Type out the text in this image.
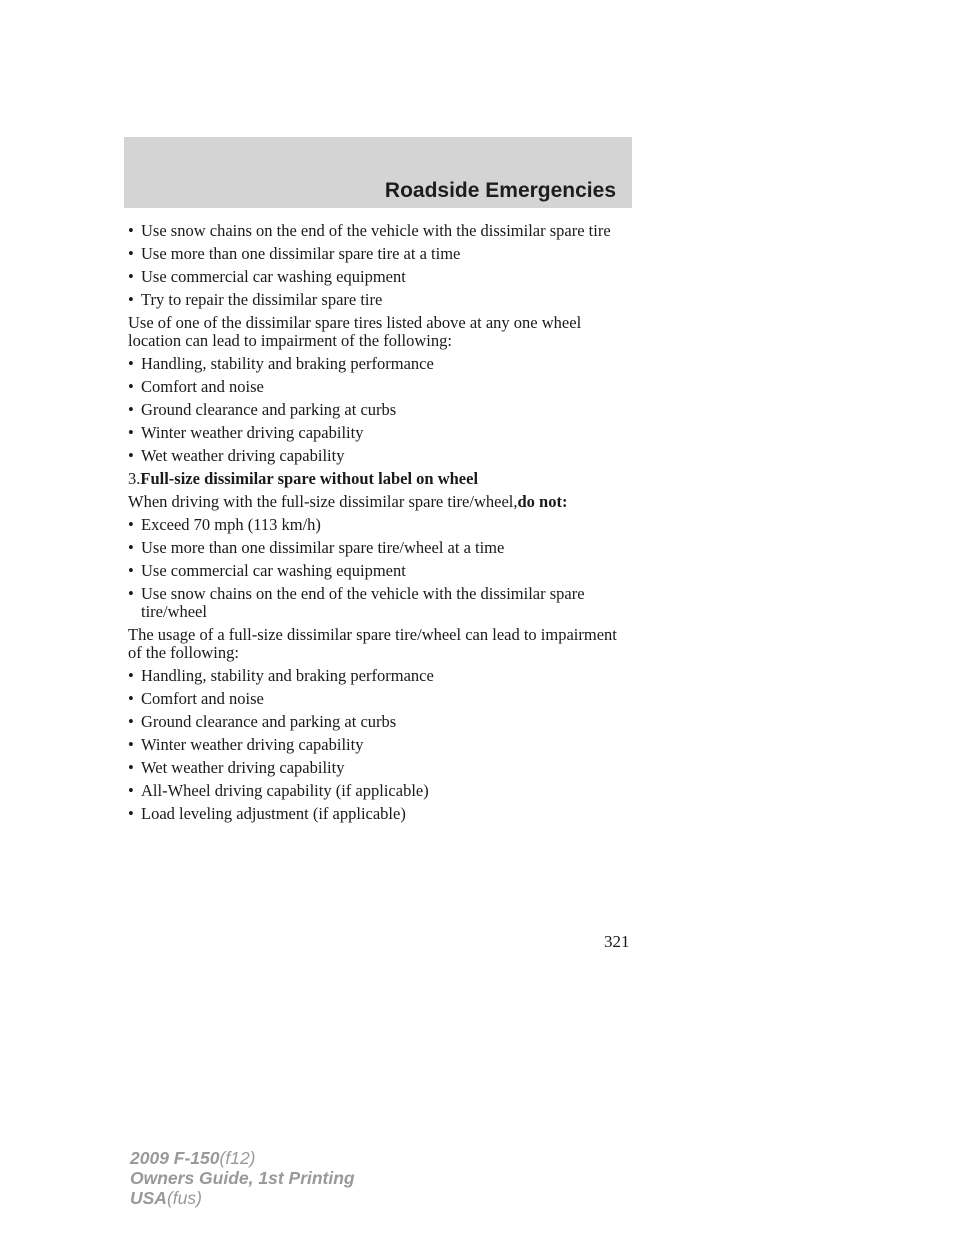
Roadside Emergencies
• Use snow chains on the end of the vehicle with the dissimilar spare tire
• Use more than one dissimilar spare tire at a time
• Use commercial car washing equipment
• Try to repair the dissimilar spare tire
Use of one of the dissimilar spare tires listed above at any one wheel location can lead to impairment of the following:
• Handling, stability and braking performance
• Comfort and noise
• Ground clearance and parking at curbs
• Winter weather driving capability
• Wet weather driving capability
3.Full-size dissimilar spare without label on wheel
When driving with the full-size dissimilar spare tire/wheel,do not:
• Exceed 70 mph (113 km/h)
• Use more than one dissimilar spare tire/wheel at a time
• Use commercial car washing equipment
• Use snow chains on the end of the vehicle with the dissimilar spare tire/wheel
The usage of a full-size dissimilar spare tire/wheel can lead to impairment of the following:
• Handling, stability and braking performance
• Comfort and noise
• Ground clearance and parking at curbs
• Winter weather driving capability
• Wet weather driving capability
• All-Wheel driving capability (if applicable)
• Load leveling adjustment (if applicable)
321
2009 F-150(f12)
Owners Guide, 1st Printing
USA(fus)
